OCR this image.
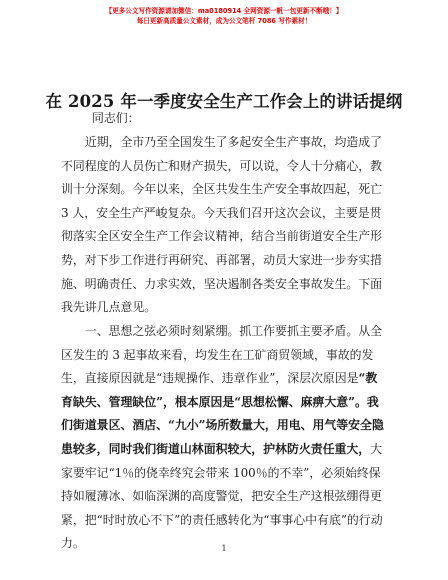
【更多公文写作资源请加微信：ma0180914 全网资源一帆一包更新不断哦！】
每日更新高质量公文素材，成为公文笔杆 7086 写作素材！
在 2025 年一季度安全生产工作会上的讲话提纲
同志们：
近期，全市乃至全国发生了多起安全生产事故，均造成了不同程度的人员伤亡和财产损失，可以说，令人十分痛心，教训十分深刻。今年以来，全区共发生生产安全事故四起，死亡 3 人，安全生产严峻复杂。今天我们召开这次会议，主要是贯彻落实全区安全生产工作会议精神，结合当前街道安全生产形势，对下步工作进行再研究、再部署，动员大家进一步夯实措施、明确责任、力求实效，坚决遏制各类安全事故发生。下面我先讲几点意见。
一、思想之弦必须时刻紧绷。抓工作要抓主要矛盾。从全区发生的 3 起事故来看，均发生在工矿商贸领域，事故的发生，直接原因就是“违规操作、违章作业”，深层次原因是“教育缺失、管理缺位”，根本原因是“思想松懈、麻痹大意”。我们街道景区、酒店、“九小”场所数量大，用电、用气等安全隐患较多，同时我们街道山林面积较大，护林防火责任重大，大家要牢记“1％的侥幸终究会带来 100％的不幸”，必须始终保持如履薄冰、如临深渊的高度警觉，把安全生产这根弦绷得更紧，把“时时放心不下”的责任感转化为“事事心中有底”的行动力。	1
